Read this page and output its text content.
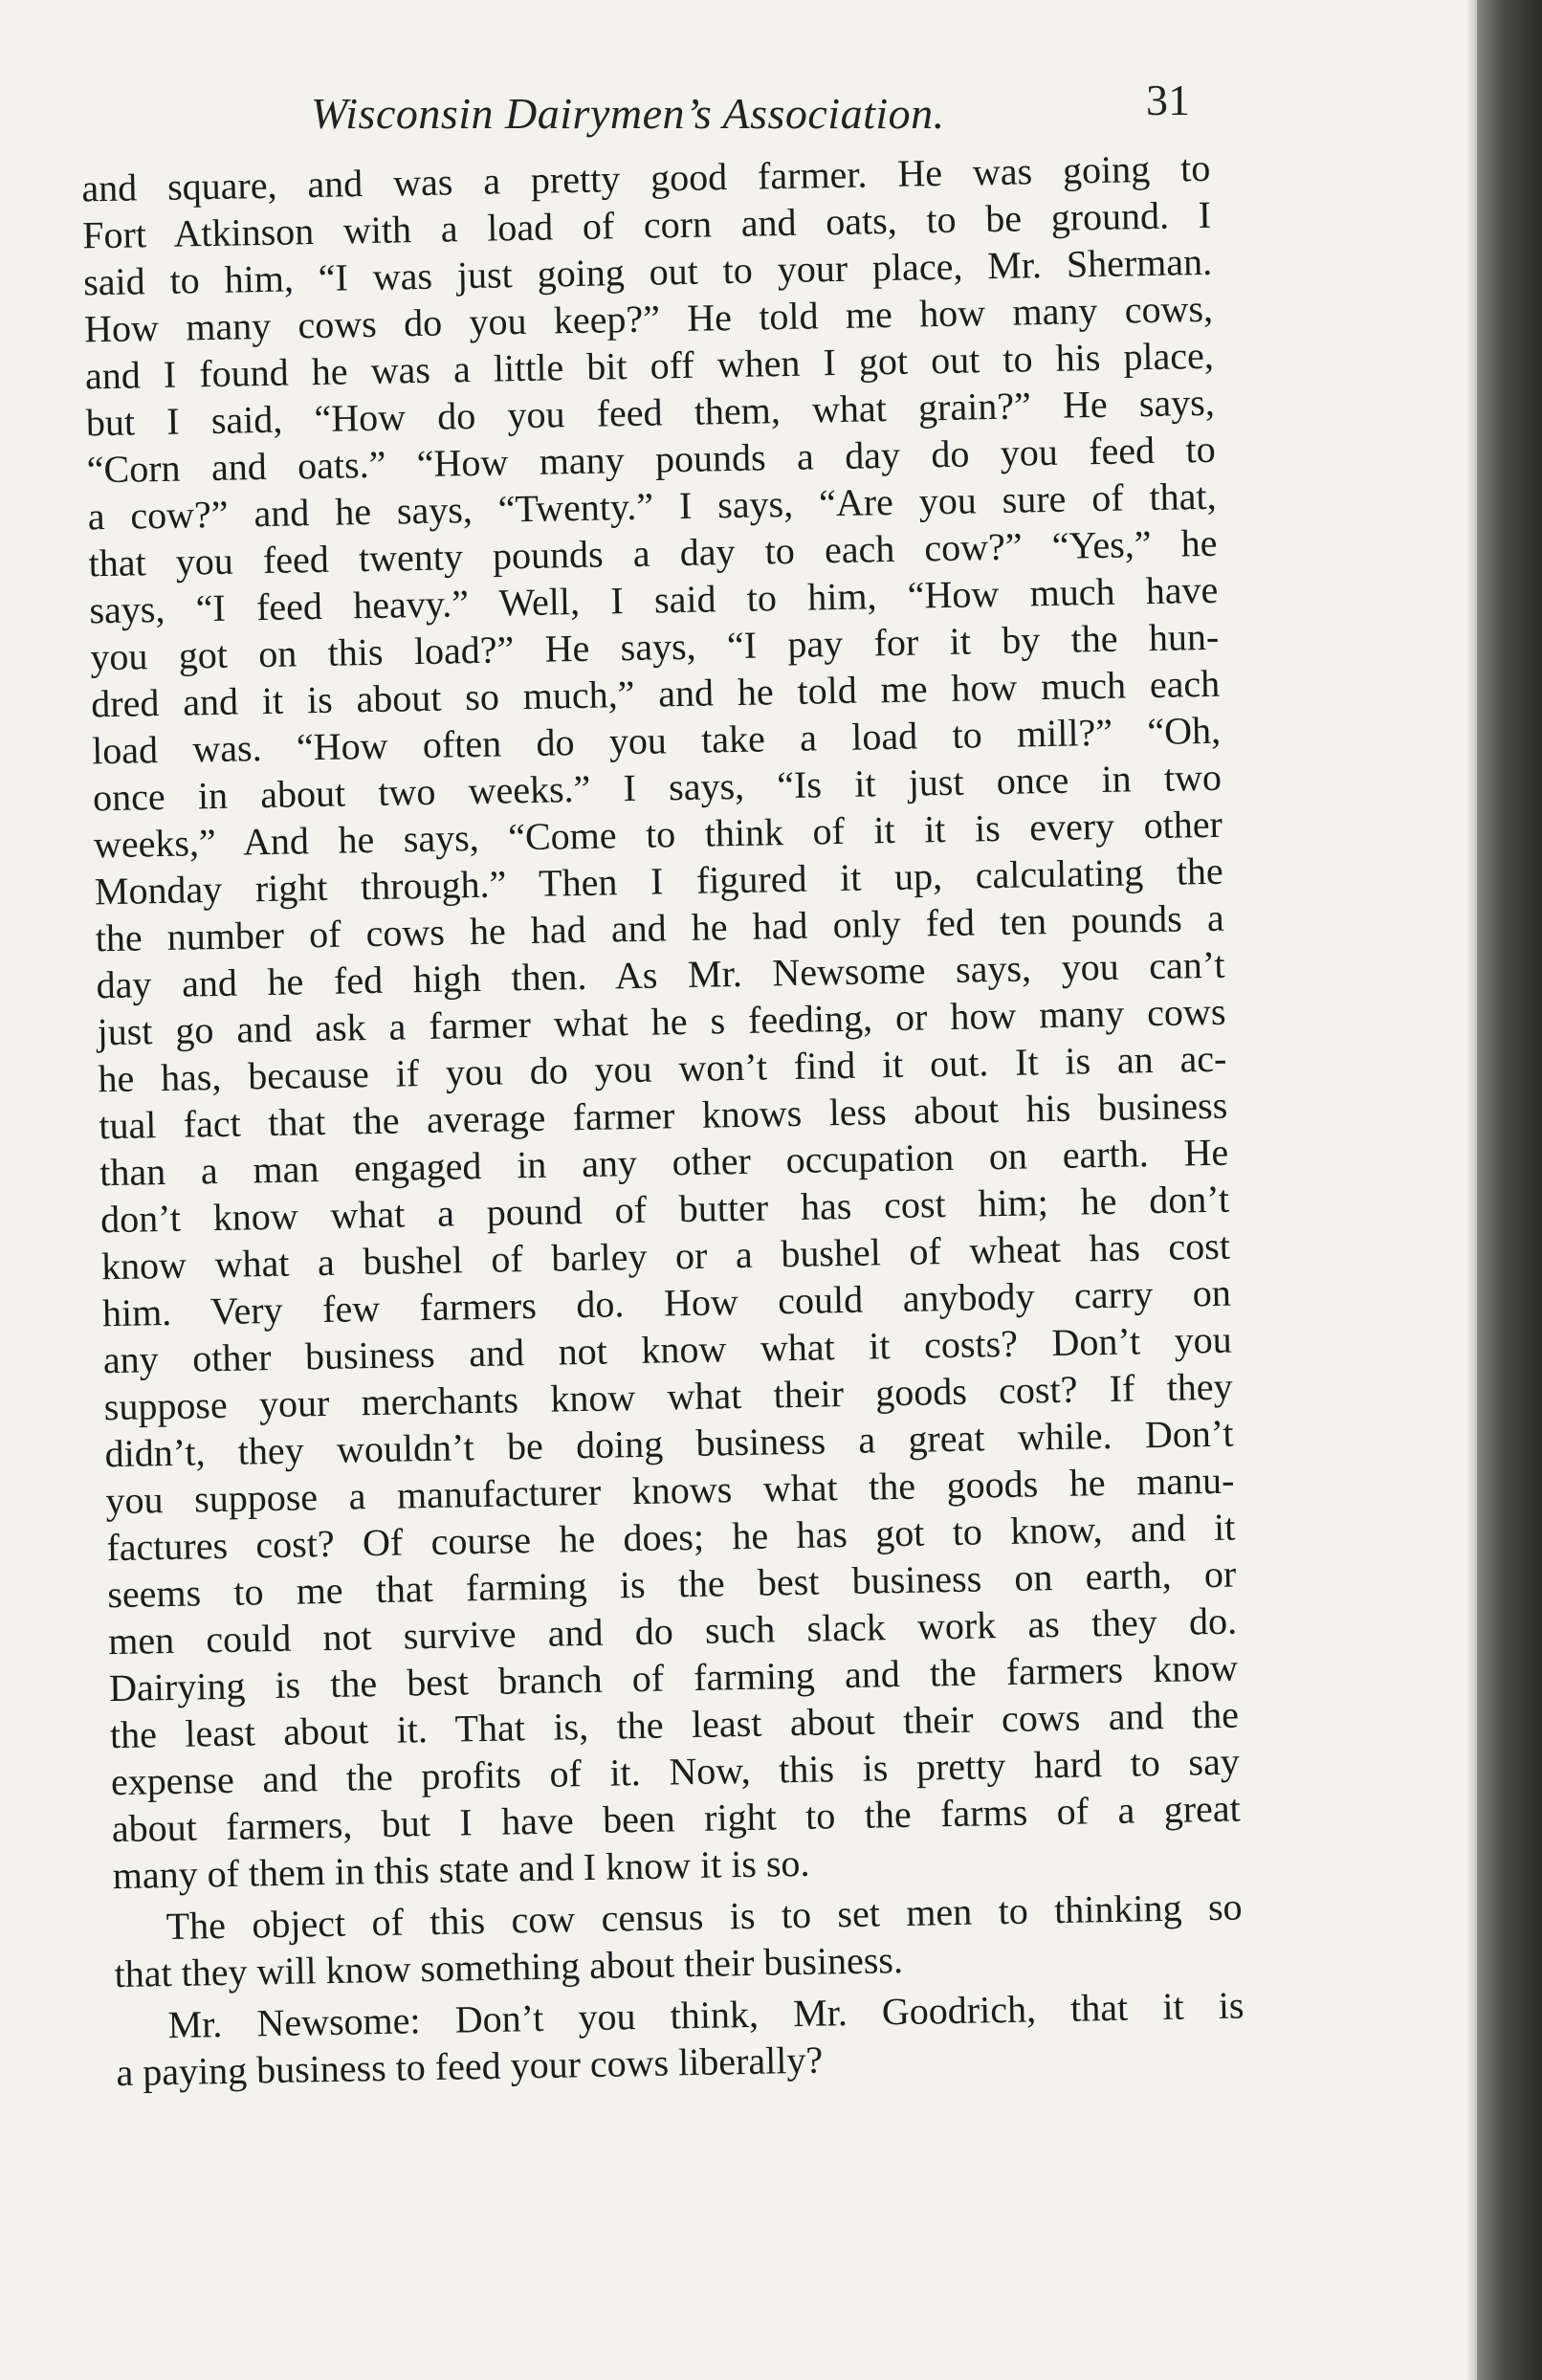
Wisconsin Dairymen’s Association.	31
and square, and was a pretty good farmer. He was going to
Fort Atkinson with a load of corn and oats, to be ground. I
said to him, “I was just going out to your place, Mr. Sherman.
How many cows do you keep?” He told me how many cows,
and I found he was a little bit off when I got out to his place,
but I said, “How do you feed them, what grain?” He says,
“Corn and oats.” “How many pounds a day do you feed to
a cow?” and he says, “Twenty.” I says, “Are you sure of that,
that you feed twenty pounds a day to each cow?” “Yes,” he
says, “I feed heavy.” Well, I said to him, “How much have
you got on this load?” He says, “I pay for it by the hun-
dred and it is about so much,” and he told me how much each
load was. “How often do you take a load to mill?” “Oh,
once in about two weeks.” I says, “Is it just once in two
weeks,” And he says, “Come to think of it it is every other
Monday right through.” Then I figured it up, calculating the
the number of cows he had and he had only fed ten pounds a
day and he fed high then. As Mr. Newsome says, you can’t
just go and ask a farmer what he s feeding, or how many cows
he has, because if you do you won’t find it out. It is an ac-
tual fact that the average farmer knows less about his business
than a man engaged in any other occupation on earth. He
don’t know what a pound of butter has cost him; he don’t
know what a bushel of barley or a bushel of wheat has cost
him. Very few farmers do. How could anybody carry on
any other business and not know what it costs? Don’t you
suppose your merchants know what their goods cost? If they
didn’t, they wouldn’t be doing business a great while. Don’t
you suppose a manufacturer knows what the goods he manu-
factures cost? Of course he does; he has got to know, and it
seems to me that farming is the best business on earth, or
men could not survive and do such slack work as they do.
Dairying is the best branch of farming and the farmers know
the least about it. That is, the least about their cows and the
expense and the profits of it. Now, this is pretty hard to say
about farmers, but I have been right to the farms of a great
many of them in this state and I know it is so.
The object of this cow census is to set men to thinking so
that they will know something about their business.
Mr. Newsome: Don’t you think, Mr. Goodrich, that it is
a paying business to feed your cows liberally?
